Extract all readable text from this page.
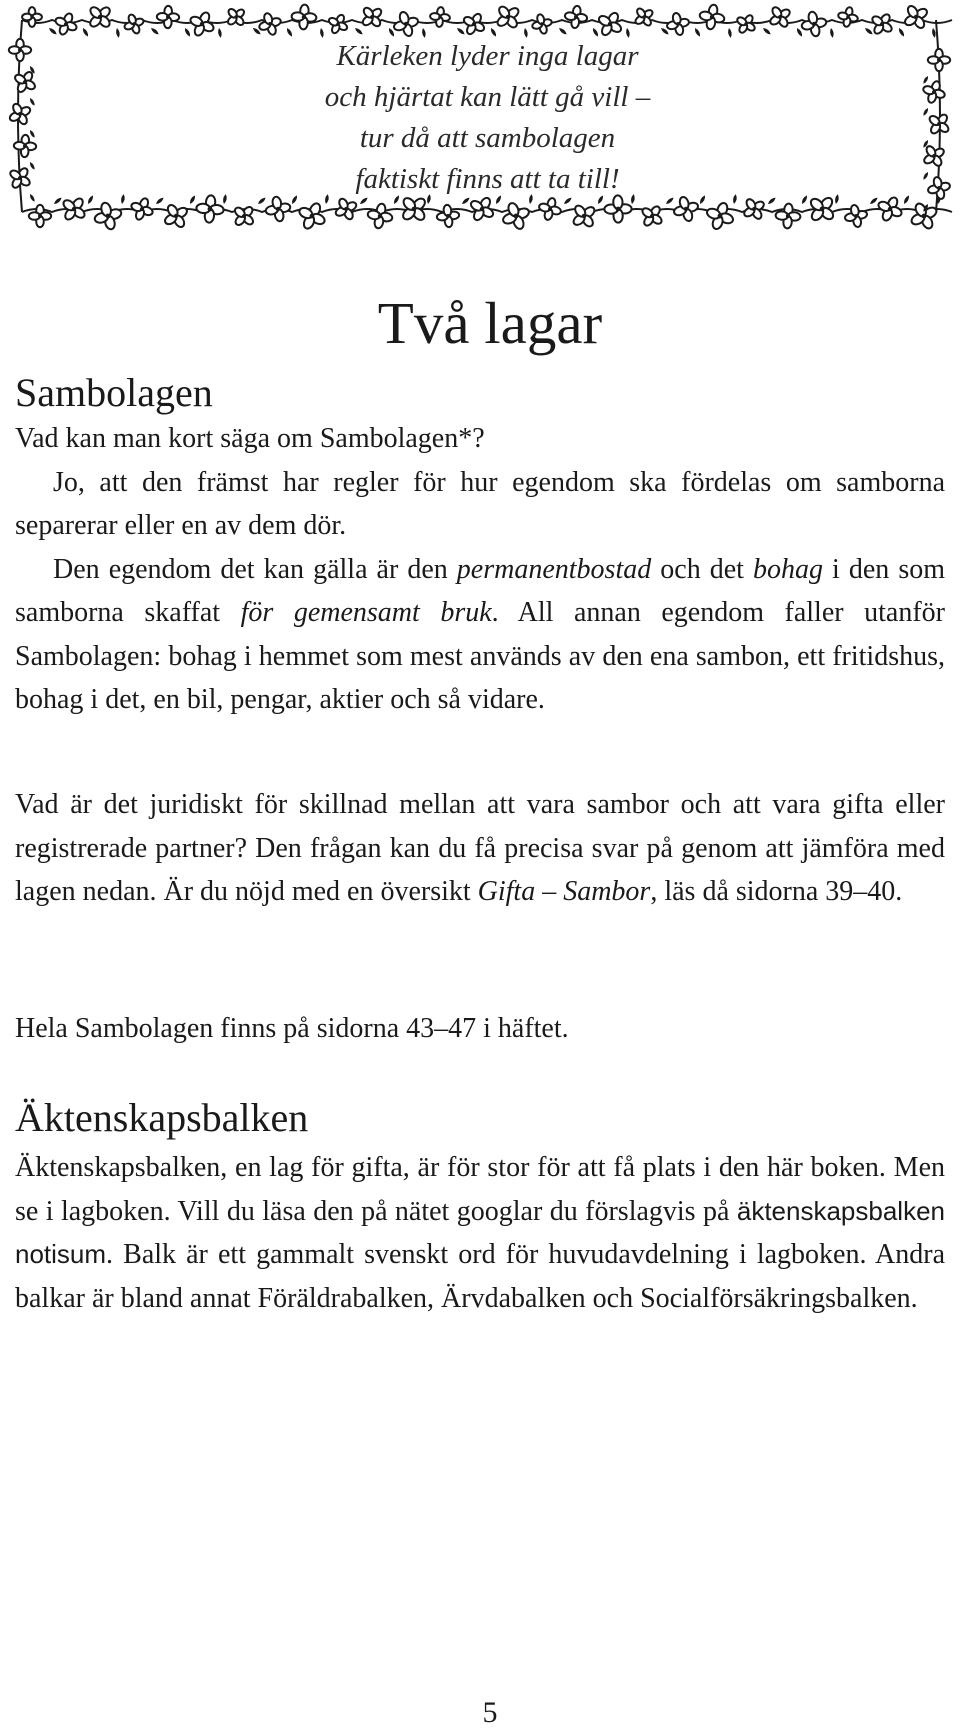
Kärleken lyder inga lagar
och hjärtat kan lätt gå vill –
tur då att sambolagen
faktiskt finns att ta till!
Två lagar
Sambolagen

Vad kan man kort säga om Sambolagen*?

Jo, att den främst har regler för hur egendom ska fördelas om samborna separerar eller en av dem dör.

Den egendom det kan gälla är den permanentbostad och det bohag i den som samborna skaffat för gemensamt bruk. All annan egendom faller utanför Sambolagen: bohag i hemmet som mest används av den ena sambon, ett fritidshus, bohag i det, en bil, pengar, aktier och så vidare.

Vad är det juridiskt för skillnad mellan att vara sambor och att vara gifta eller registrerade partner? Den frågan kan du få precisa svar på genom att jämföra med lagen nedan. Är du nöjd med en översikt Gifta – Sambor, läs då sidorna 39–40.

Hela Sambolagen finns på sidorna 43–47 i häftet.

Äktenskapsbalken

Äktenskapsbalken, en lag för gifta, är för stor för att få plats i den här boken. Men se i lagboken. Vill du läsa den på nätet googlar du förslagvis på äktenskapsbalken notisum. Balk är ett gammalt svenskt ord för huvudavdelning i lagboken. Andra balkar är bland annat Föräldrabalken, Ärvdabalken och Socialförsäkringsbalken.

5
